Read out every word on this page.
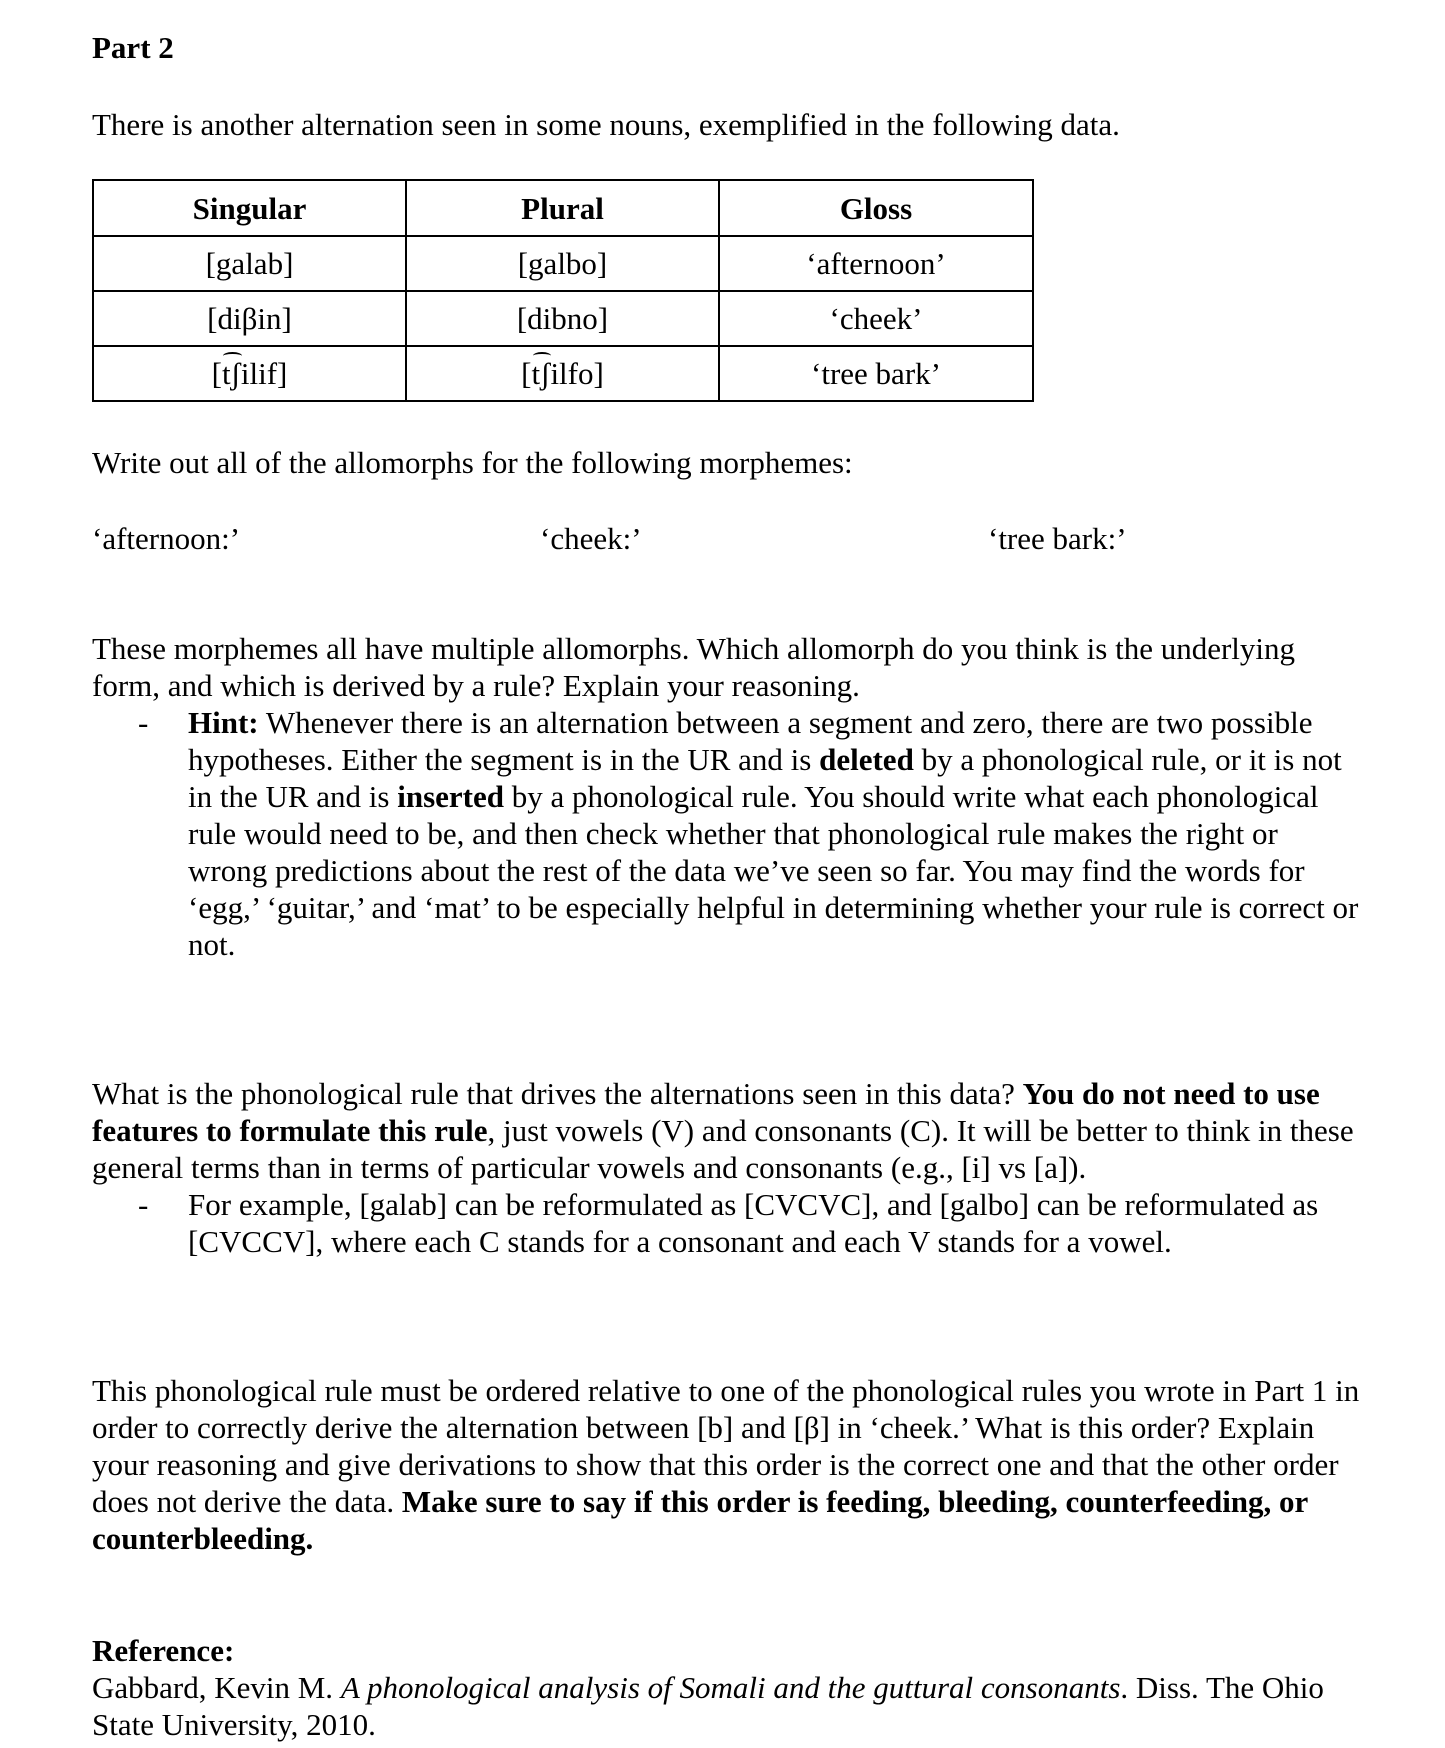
Part 2
There is another alternation seen in some nouns, exemplified in the following data.
Singular	Plural	Gloss
[galab]	[galbo]	‘afternoon’
[diβin]	[dibno]	‘cheek’
[tʃilif]	[tʃilfo]	‘tree bark’
Write out all of the allomorphs for the following morphemes:
‘afternoon:’	‘cheek:’	‘tree bark:’

These morphemes all have multiple allomorphs. Which allomorph do you think is the underlying form, and which is derived by a rule? Explain your reasoning.

- Hint: Whenever there is an alternation between a segment and zero, there are two possible hypotheses. Either the segment is in the UR and is deleted by a phonological rule, or it is not in the UR and is inserted by a phonological rule. You should write what each phonological rule would need to be, and then check whether that phonological rule makes the right or wrong predictions about the rest of the data we’ve seen so far. You may find the words for ‘egg,’ ‘guitar,’ and ‘mat’ to be especially helpful in determining whether your rule is correct or not.

What is the phonological rule that drives the alternations seen in this data? You do not need to use features to formulate this rule, just vowels (V) and consonants (C). It will be better to think in these general terms than in terms of particular vowels and consonants (e.g., [i] vs [a]).

- For example, [galab] can be reformulated as [CVCVC], and [galbo] can be reformulated as [CVCCV], where each C stands for a consonant and each V stands for a vowel.

This phonological rule must be ordered relative to one of the phonological rules you wrote in Part 1 in order to correctly derive the alternation between [b] and [β] in ‘cheek.’ What is this order? Explain your reasoning and give derivations to show that this order is the correct one and that the other order does not derive the data. Make sure to say if this order is feeding, bleeding, counterfeeding, or counterbleeding.

Reference:

Gabbard, Kevin M. A phonological analysis of Somali and the guttural consonants. Diss. The Ohio State University, 2010.
